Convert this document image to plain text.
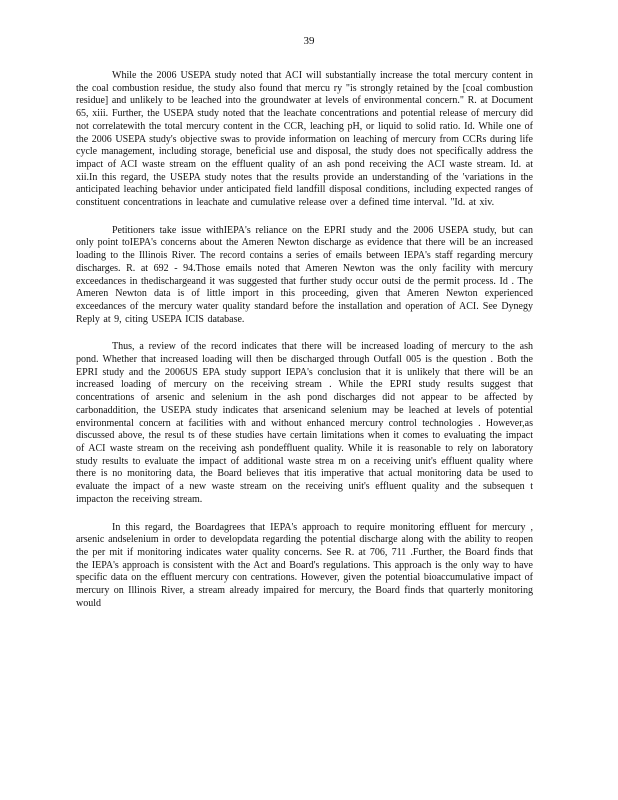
39

While the 2006 USEPA study noted that ACI will substantially increase the total mercury content in the coal combustion residue, the study also found that mercu ry "is strongly retained by the [coal combustion residue] and unlikely to be leached into the groundwater at levels of environmental concern." R. at Document 65, xiii. Further, the USEPA study noted that the leachate concentrations and potential release of mercury did not correlatewith the total mercury content in the CCR, leaching pH, or liquid to solid ratio. Id. While one of the 2006 USEPA study's objective swas to provide information on leaching of mercury from CCRs during life cycle management, including storage, beneficial use and disposal, the study does not specifically address the impact of ACI waste stream on the effluent quality of an ash pond receiving the ACI waste stream. Id. at xii.In this regard, the USEPA study notes that the results provide an understanding of the 'variations in the anticipated leaching behavior under anticipated field landfill disposal conditions, including expected ranges of constituent concentrations in leachate and cumulative release over a defined time interval. "Id. at xiv.

Petitioners take issue withIEPA's reliance on the EPRI study and the 2006 USEPA study, but can only point toIEPA's concerns about the Ameren Newton discharge as evidence that there will be an increased loading to the Illinois River. The record contains a series of emails between IEPA's staff regarding mercury discharges. R. at 692 - 94.Those emails noted that Ameren Newton was the only facility with mercury exceedances in thedischargeand it was suggested that further study occur outsi de the permit process. Id . The Ameren Newton data is of little import in this proceeding, given that Ameren Newton experienced exceedances of the mercury water quality standard before the installation and operation of ACI. See Dynegy Reply at 9, citing USEPA ICIS database.

Thus, a review of the record indicates that there will be increased loading of mercury to the ash pond. Whether that increased loading will then be discharged through Outfall 005 is the question . Both the EPRI study and the 2006US EPA study support IEPA's conclusion that it is unlikely that there will be an increased loading of mercury on the receiving stream . While the EPRI study results suggest that concentrations of arsenic and selenium in the ash pond discharges did not appear to be affected by carbonaddition, the USEPA study indicates that arsenicand selenium may be leached at levels of potential environmental concern at facilities with and without enhanced mercury control technologies . However,as discussed above, the resul ts of these studies have certain limitations when it comes to evaluating the impact of ACI waste stream on the receiving ash pondeffluent quality. While it is reasonable to rely on laboratory study results to evaluate the impact of additional waste strea m on a receiving unit's effluent quality where there is no monitoring data, the Board believes that itis imperative that actual monitoring data be used to evaluate the impact of a new waste stream on the receiving unit's effluent quality and the subsequen t impacton the receiving stream.

In this regard, the Boardagrees that IEPA's approach to require monitoring effluent for mercury , arsenic andselenium in order to developdata regarding the potential discharge along with the ability to reopen the per mit if monitoring indicates water quality concerns. See R. at 706, 711 .Further, the Board finds that the IEPA's approach is consistent with the Act and Board's regulations. This approach is the only way to have specific data on the effluent mercury con centrations. However, given the potential bioaccumulative impact of mercury on Illinois River, a stream already impaired for mercury, the Board finds that quarterly monitoring would
